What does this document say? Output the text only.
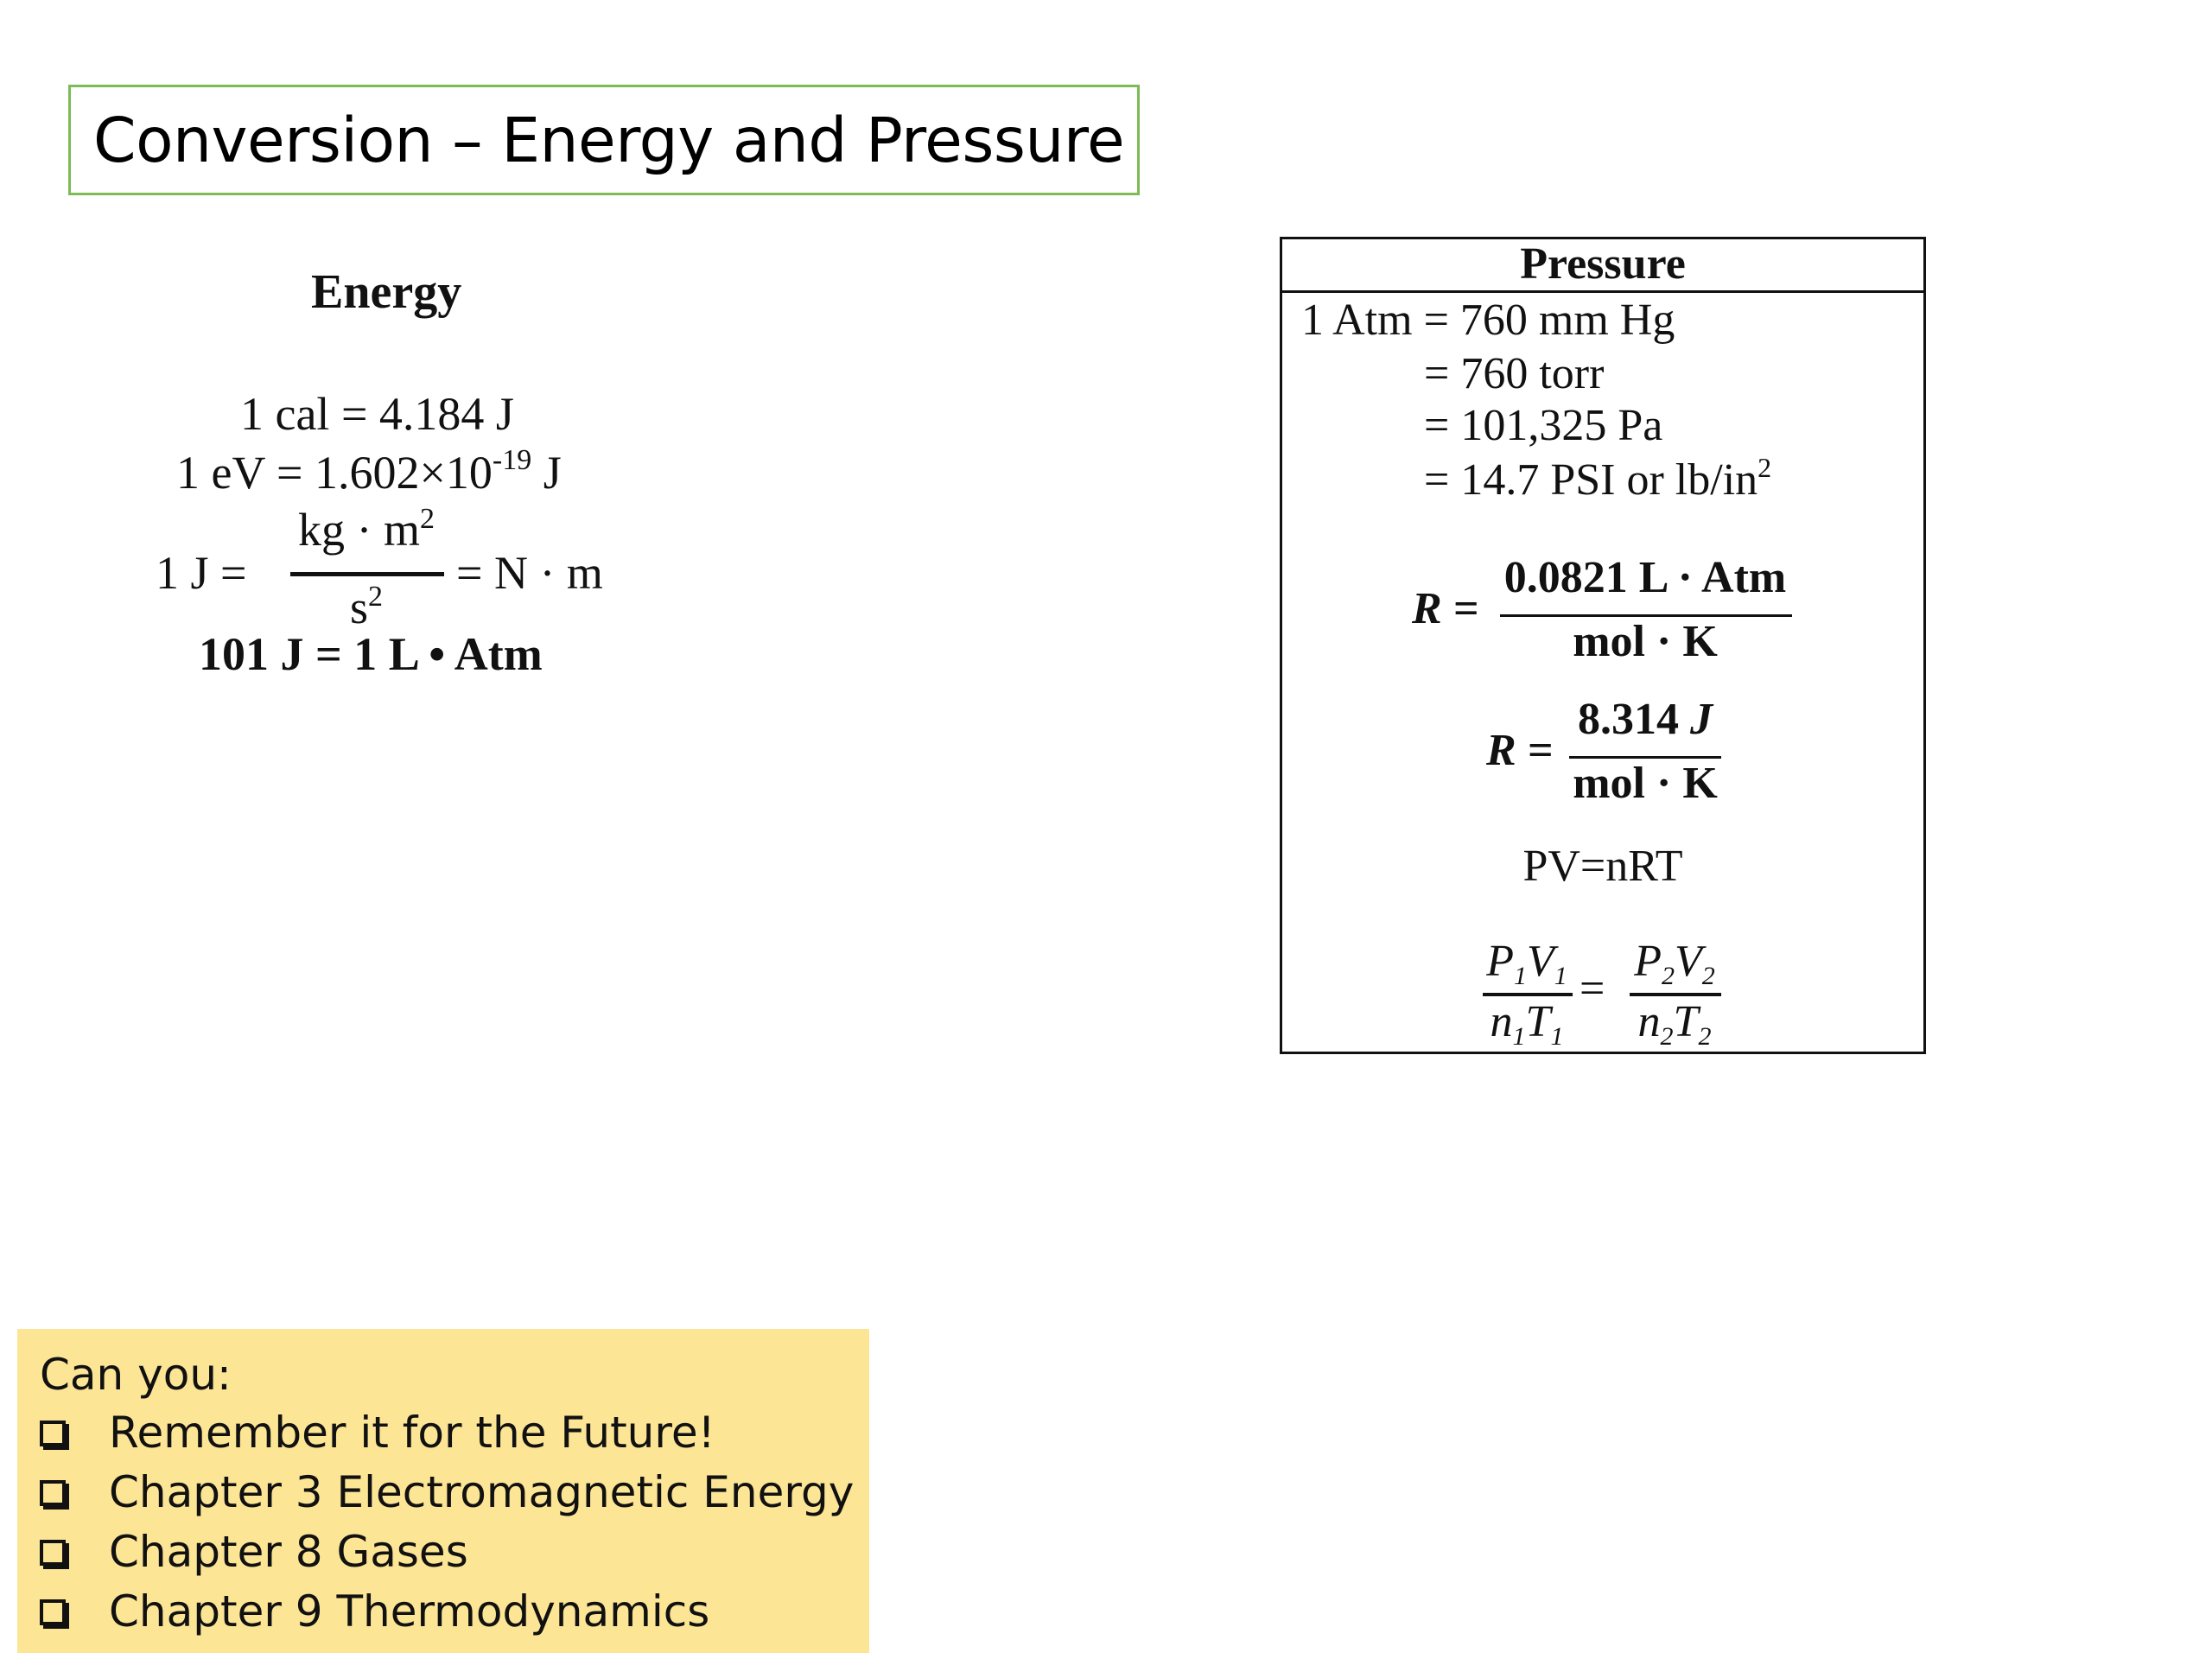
Conversion – Energy and Pressure
Energy
1 cal = 4.184 J
1 eV = $1.602\times 10^{-19}$ J
1 J =
kg · $m^2$
$s^2$	= N · m
101 J = 1 L • Atm
Pressure
1 Atm = 760 mm Hg
= 760 torr
= 101,325 Pa
= 14.7 PSI or $lb/in^2$
R =
0.0821 L · Atm
mol · K
R =
8.314 J
mol · K
PV=nRT
$P_1V_1$
$n_1T_1$
=
$P_2V_2$
$n_2T_2$
Can you:
Remember it for the Future!
Chapter 3 Electromagnetic Energy
Chapter 8 Gases
Chapter 9 Thermodynamics
